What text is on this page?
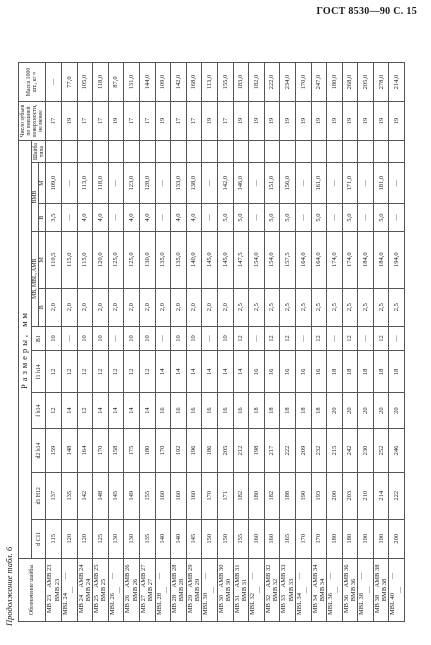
ГОСТ 8530—90 С. 15
Продолжение табл. 6	Обозначение шайбы	Размеры, мм											Число зубьев по внешней поверхности, не менее	Масса 1000 шт., кг ≈
	d C11	d1 H12	d2 h14	f h14	f1 h14	B1	MB, MBL, AMB		BMB		Шайба типа		
							B	M	B	M			
MB 23AMB 23BMB 23	115	137	159	12	12	10	2,0	110,5	3,5	109,0		17	—
MBL 24——	120	135	148	14	12	—	2,0	115,0	—	—		19	77,0
MB 24AMB 24BMB 24	120	142	164	12	12	10	2,0	115,0	4,0	113,0		17	105,0
MB 25AMB 25BMB 25	125	148	170	14	12	10	2,0	120,0	4,0	118,0		17	118,0
MBL 26——	130	145	158	14	12	—	2,0	125,0	—	—		19	87,0
MB 26AMB 26BMB 26	130	149	175	14	12	10	2,0	125,0	4,0	123,0		17	131,0
MB 27AMB 27BMB 27	135	155	180	14	12	10	2,0	130,0	4,0	128,0		17	144,0
MBL 28——	140	160	170	16	14	—	2,0	135,0	—	—		19	109,0
MB 28AMB 28BMB 28	140	160	192	16	14	10	2,0	135,0	4,0	133,0		17	142,0
MB 29AMB 29BMB 29	145	160	196	16	14	10	2,0	140,0	4,0	138,0		17	168,0
MBL 30——	150	170	186	16	14	—	2,0	145,0	—	—		19	113,0
MB 30AMB 30BMB 30	150	171	205	16	14	10	2,0	145,0	5,0	142,0		17	155,0
MB 31AMB 31BMB 31	155	182	212	16	14	12	2,5	147,5	5,0	146,0		19	183,0
MBL 32——	160	180	198	18	16	—	2,5	154,0	—	—		19	182,0
MB 32AMB 32BMB 32	160	182	217	18	16	12	2,5	154,0	5,0	151,0		19	222,0
MB 33AMB 33BMB 33	165	188	222	18	16	12	2,5	157,5	5,0	156,0		19	234,0
MBL 34——	170	190	209	18	16	—	2,5	164,0	—	—		19	170,0
MB 34AMB 34BMB 34	170	193	232	18	16	12	2,5	164,0	5,0	161,0		19	247,0
MBL 36——	180	200	215	20	18	—	2,5	174,0	—	—		19	180,0
MB 36AMB 36BMB 36	180	203	242	20	18	12	2,5	174,0	5,0	171,0		19	268,0
MBL 38——	190	210	230	20	18	—	2,5	184,0	—	—		19	205,0
MB 38AMB 38BMB 38	190	214	252	20	18	12	2,5	184,0	5,0	181,0		19	278,0
MBL 40——	200	222	246	20	18	—	2,5	194,0	—	—		19	214,0
